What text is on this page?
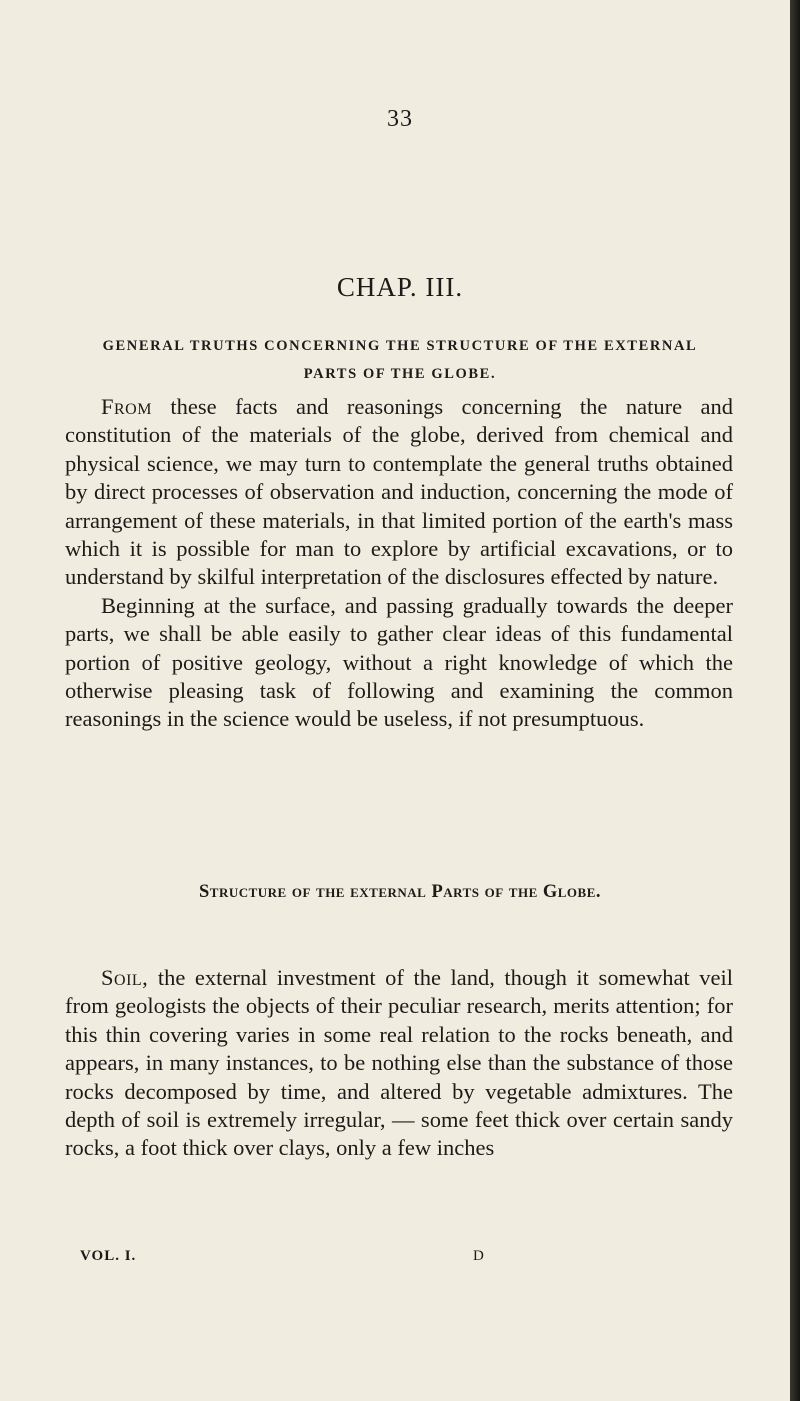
33
CHAP. III.
GENERAL TRUTHS CONCERNING THE STRUCTURE OF THE EXTERNAL PARTS OF THE GLOBE.

From these facts and reasonings concerning the nature and constitution of the materials of the globe, derived from chemical and physical science, we may turn to contemplate the general truths obtained by direct processes of observation and induction, concerning the mode of arrangement of these materials, in that limited portion of the earth's mass which it is possible for man to explore by artificial excavations, or to understand by skilful interpretation of the disclosures effected by nature.

Beginning at the surface, and passing gradually towards the deeper parts, we shall be able easily to gather clear ideas of this fundamental portion of positive geology, without a right knowledge of which the otherwise pleasing task of following and examining the common reasonings in the science would be useless, if not presumptuous.

Structure of the external Parts of the Globe.

Soil, the external investment of the land, though it somewhat veil from geologists the objects of their peculiar research, merits attention; for this thin covering varies in some real relation to the rocks beneath, and appears, in many instances, to be nothing else than the substance of those rocks decomposed by time, and altered by vegetable admixtures. The depth of soil is extremely irregular, — some feet thick over certain sandy rocks, a foot thick over clays, only a few inches

VOL. I.	D
